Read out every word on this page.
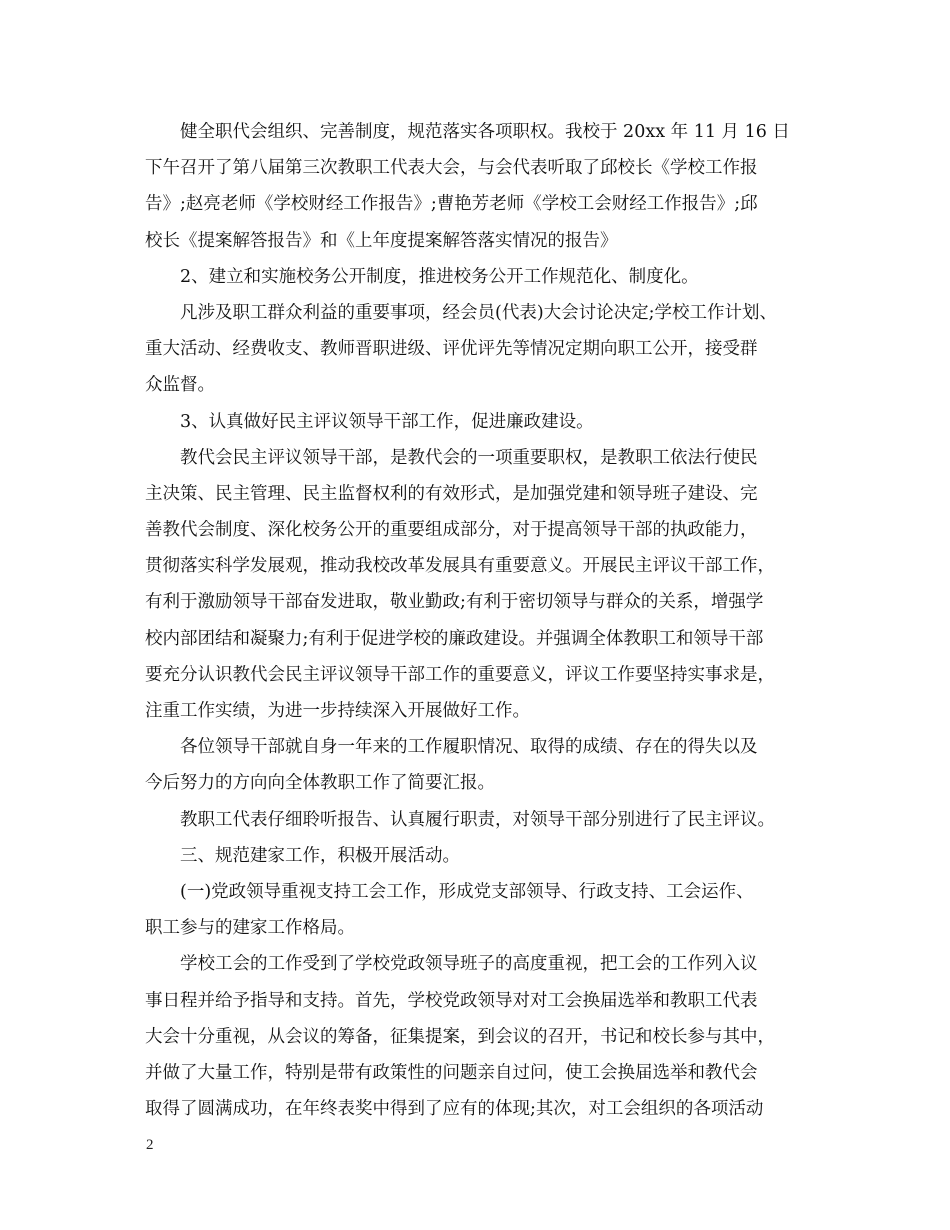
健全职代会组织、完善制度，规范落实各项职权。我校于 20xx 年 11 月 16 日
下午召开了第八届第三次教职工代表大会，与会代表听取了邱校长《学校工作报
告》;赵亮老师《学校财经工作报告》;曹艳芳老师《学校工会财经工作报告》;邱
校长《提案解答报告》和《上年度提案解答落实情况的报告》
2、建立和实施校务公开制度，推进校务公开工作规范化、制度化。
凡涉及职工群众利益的重要事项，经会员(代表)大会讨论决定;学校工作计划、
重大活动、经费收支、教师晋职进级、评优评先等情况定期向职工公开，接受群
众监督。
3、认真做好民主评议领导干部工作，促进廉政建设。
教代会民主评议领导干部，是教代会的一项重要职权，是教职工依法行使民
主决策、民主管理、民主监督权利的有效形式，是加强党建和领导班子建设、完
善教代会制度、深化校务公开的重要组成部分，对于提高领导干部的执政能力，
贯彻落实科学发展观，推动我校改革发展具有重要意义。开展民主评议干部工作，
有利于激励领导干部奋发进取，敬业勤政;有利于密切领导与群众的关系，增强学
校内部团结和凝聚力;有利于促进学校的廉政建设。并强调全体教职工和领导干部
要充分认识教代会民主评议领导干部工作的重要意义，评议工作要坚持实事求是，
注重工作实绩，为进一步持续深入开展做好工作。
各位领导干部就自身一年来的工作履职情况、取得的成绩、存在的得失以及
今后努力的方向向全体教职工作了简要汇报。
教职工代表仔细聆听报告、认真履行职责，对领导干部分别进行了民主评议。
三、规范建家工作，积极开展活动。
(一)党政领导重视支持工会工作，形成党支部领导、行政支持、工会运作、
职工参与的建家工作格局。
学校工会的工作受到了学校党政领导班子的高度重视，把工会的工作列入议
事日程并给予指导和支持。首先，学校党政领导对对工会换届选举和教职工代表
大会十分重视，从会议的筹备，征集提案，到会议的召开，书记和校长参与其中，
并做了大量工作，特别是带有政策性的问题亲自过问，使工会换届选举和教代会
取得了圆满成功，在年终表奖中得到了应有的体现;其次，对工会组织的各项活动
2
